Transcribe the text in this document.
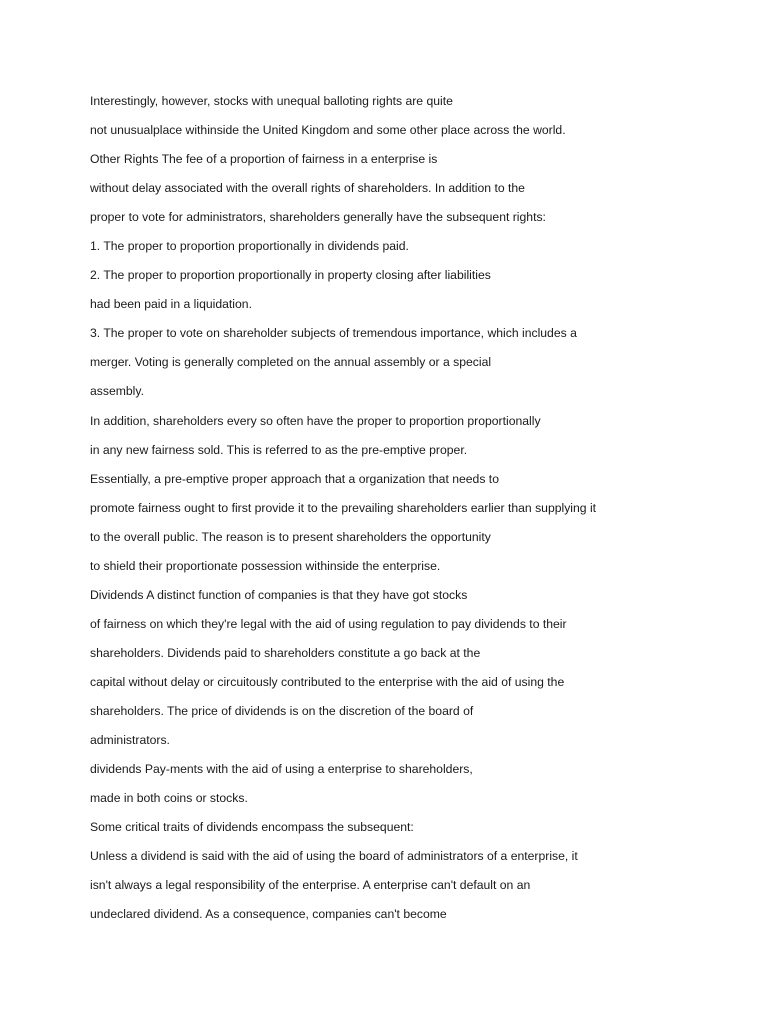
Interestingly, however, stocks with unequal balloting rights are quite
not unusualplace withinside the United Kingdom and some other place across the world.
Other Rights The fee of a proportion of fairness in a enterprise is
without delay associated with the overall rights of shareholders. In addition to the
proper to vote for administrators, shareholders generally have the subsequent rights:
1. The proper to proportion proportionally in dividends paid.
2. The proper to proportion proportionally in property closing after liabilities
had been paid in a liquidation.
3. The proper to vote on shareholder subjects of tremendous importance, which includes a
merger. Voting is generally completed on the annual assembly or a special
assembly.
In addition, shareholders every so often have the proper to proportion proportionally
in any new fairness sold. This is referred to as the pre-emptive proper.
Essentially, a pre-emptive proper approach that a organization that needs to
promote fairness ought to first provide it to the prevailing shareholders earlier than supplying it
to the overall public. The reason is to present shareholders the opportunity
to shield their proportionate possession withinside the enterprise.
Dividends A distinct function of companies is that they have got stocks
of fairness on which they're legal with the aid of using regulation to pay dividends to their
shareholders. Dividends paid to shareholders constitute a go back at the
capital without delay or circuitously contributed to the enterprise with the aid of using the
shareholders. The price of dividends is on the discretion of the board of
administrators.
dividends Pay-ments with the aid of using a enterprise to shareholders,
made in both coins or stocks.
Some critical traits of dividends encompass the subsequent:
Unless a dividend is said with the aid of using the board of administrators of a enterprise, it
isn't always a legal responsibility of the enterprise. A enterprise can't default on an
undeclared dividend. As a consequence, companies can't become
